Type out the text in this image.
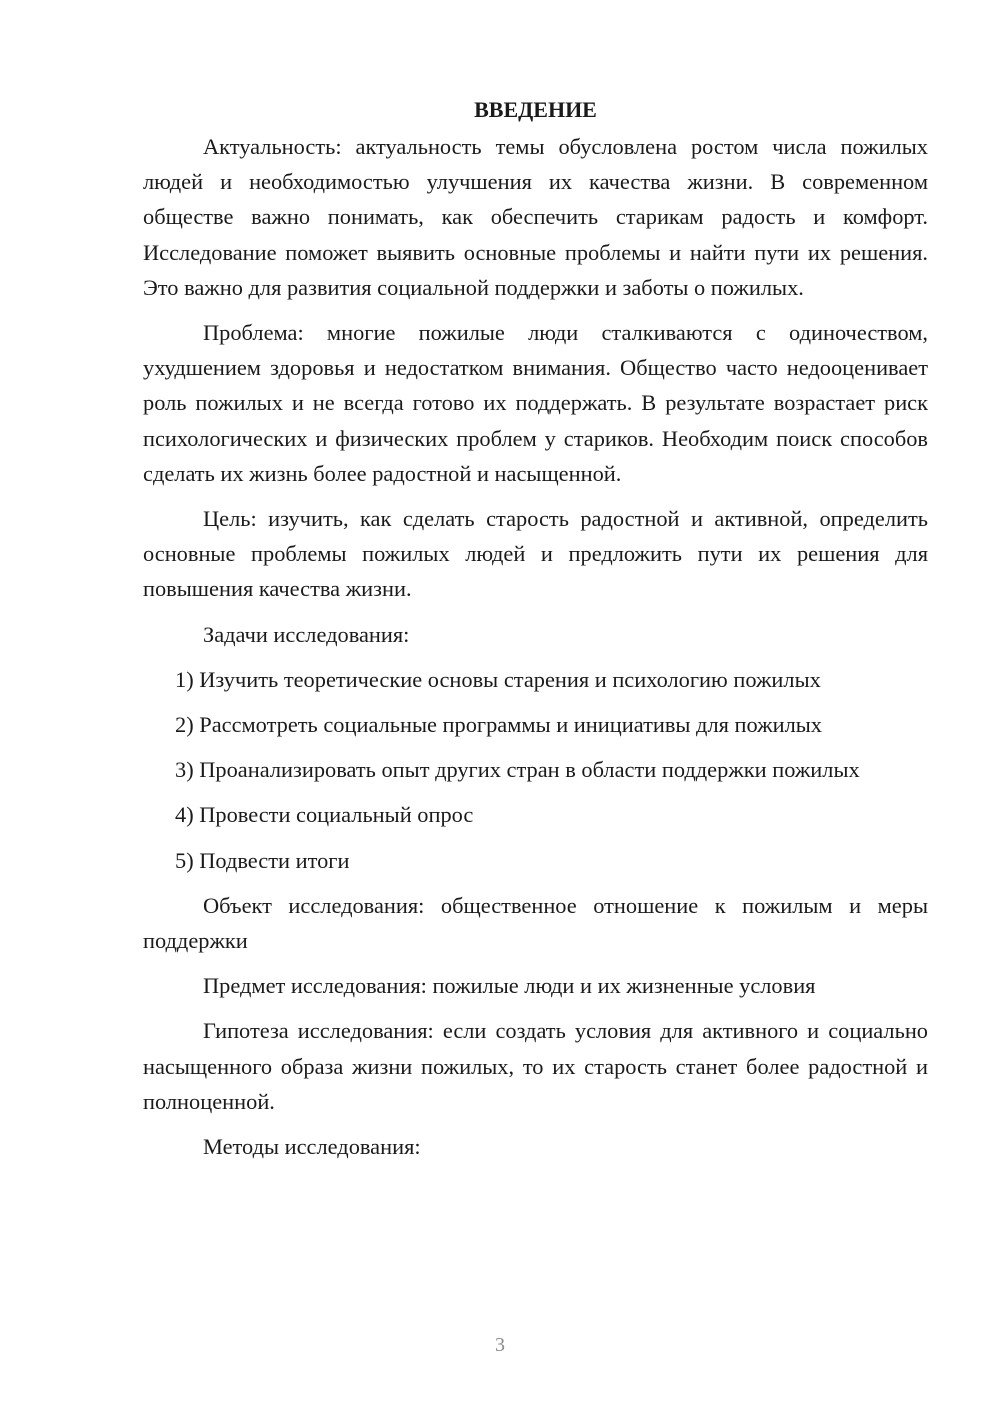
ВВЕДЕНИЕ

Актуальность: актуальность темы обусловлена ростом числа пожилых людей и необходимостью улучшения их качества жизни. В современном обществе важно понимать, как обеспечить старикам радость и комфорт. Исследование поможет выявить основные проблемы и найти пути их решения. Это важно для развития социальной поддержки и заботы о пожилых.

Проблема: многие пожилые люди сталкиваются с одиночеством, ухудшением здоровья и недостатком внимания. Общество часто недооценивает роль пожилых и не всегда готово их поддержать. В результате возрастает риск психологических и физических проблем у стариков. Необходим поиск способов сделать их жизнь более радостной и насыщенной.

Цель: изучить, как сделать старость радостной и активной, определить основные проблемы пожилых людей и предложить пути их решения для повышения качества жизни.

Задачи исследования:

1) Изучить теоретические основы старения и психологию пожилых

2) Рассмотреть социальные программы и инициативы для пожилых

3) Проанализировать опыт других стран в области поддержки пожилых

4) Провести социальный опрос

5) Подвести итоги

Объект исследования: общественное отношение к пожилым и меры поддержки

Предмет исследования: пожилые люди и их жизненные условия

Гипотеза исследования: если создать условия для активного и социально насыщенного образа жизни пожилых, то их старость станет более радостной и полноценной.

Методы исследования:

3
